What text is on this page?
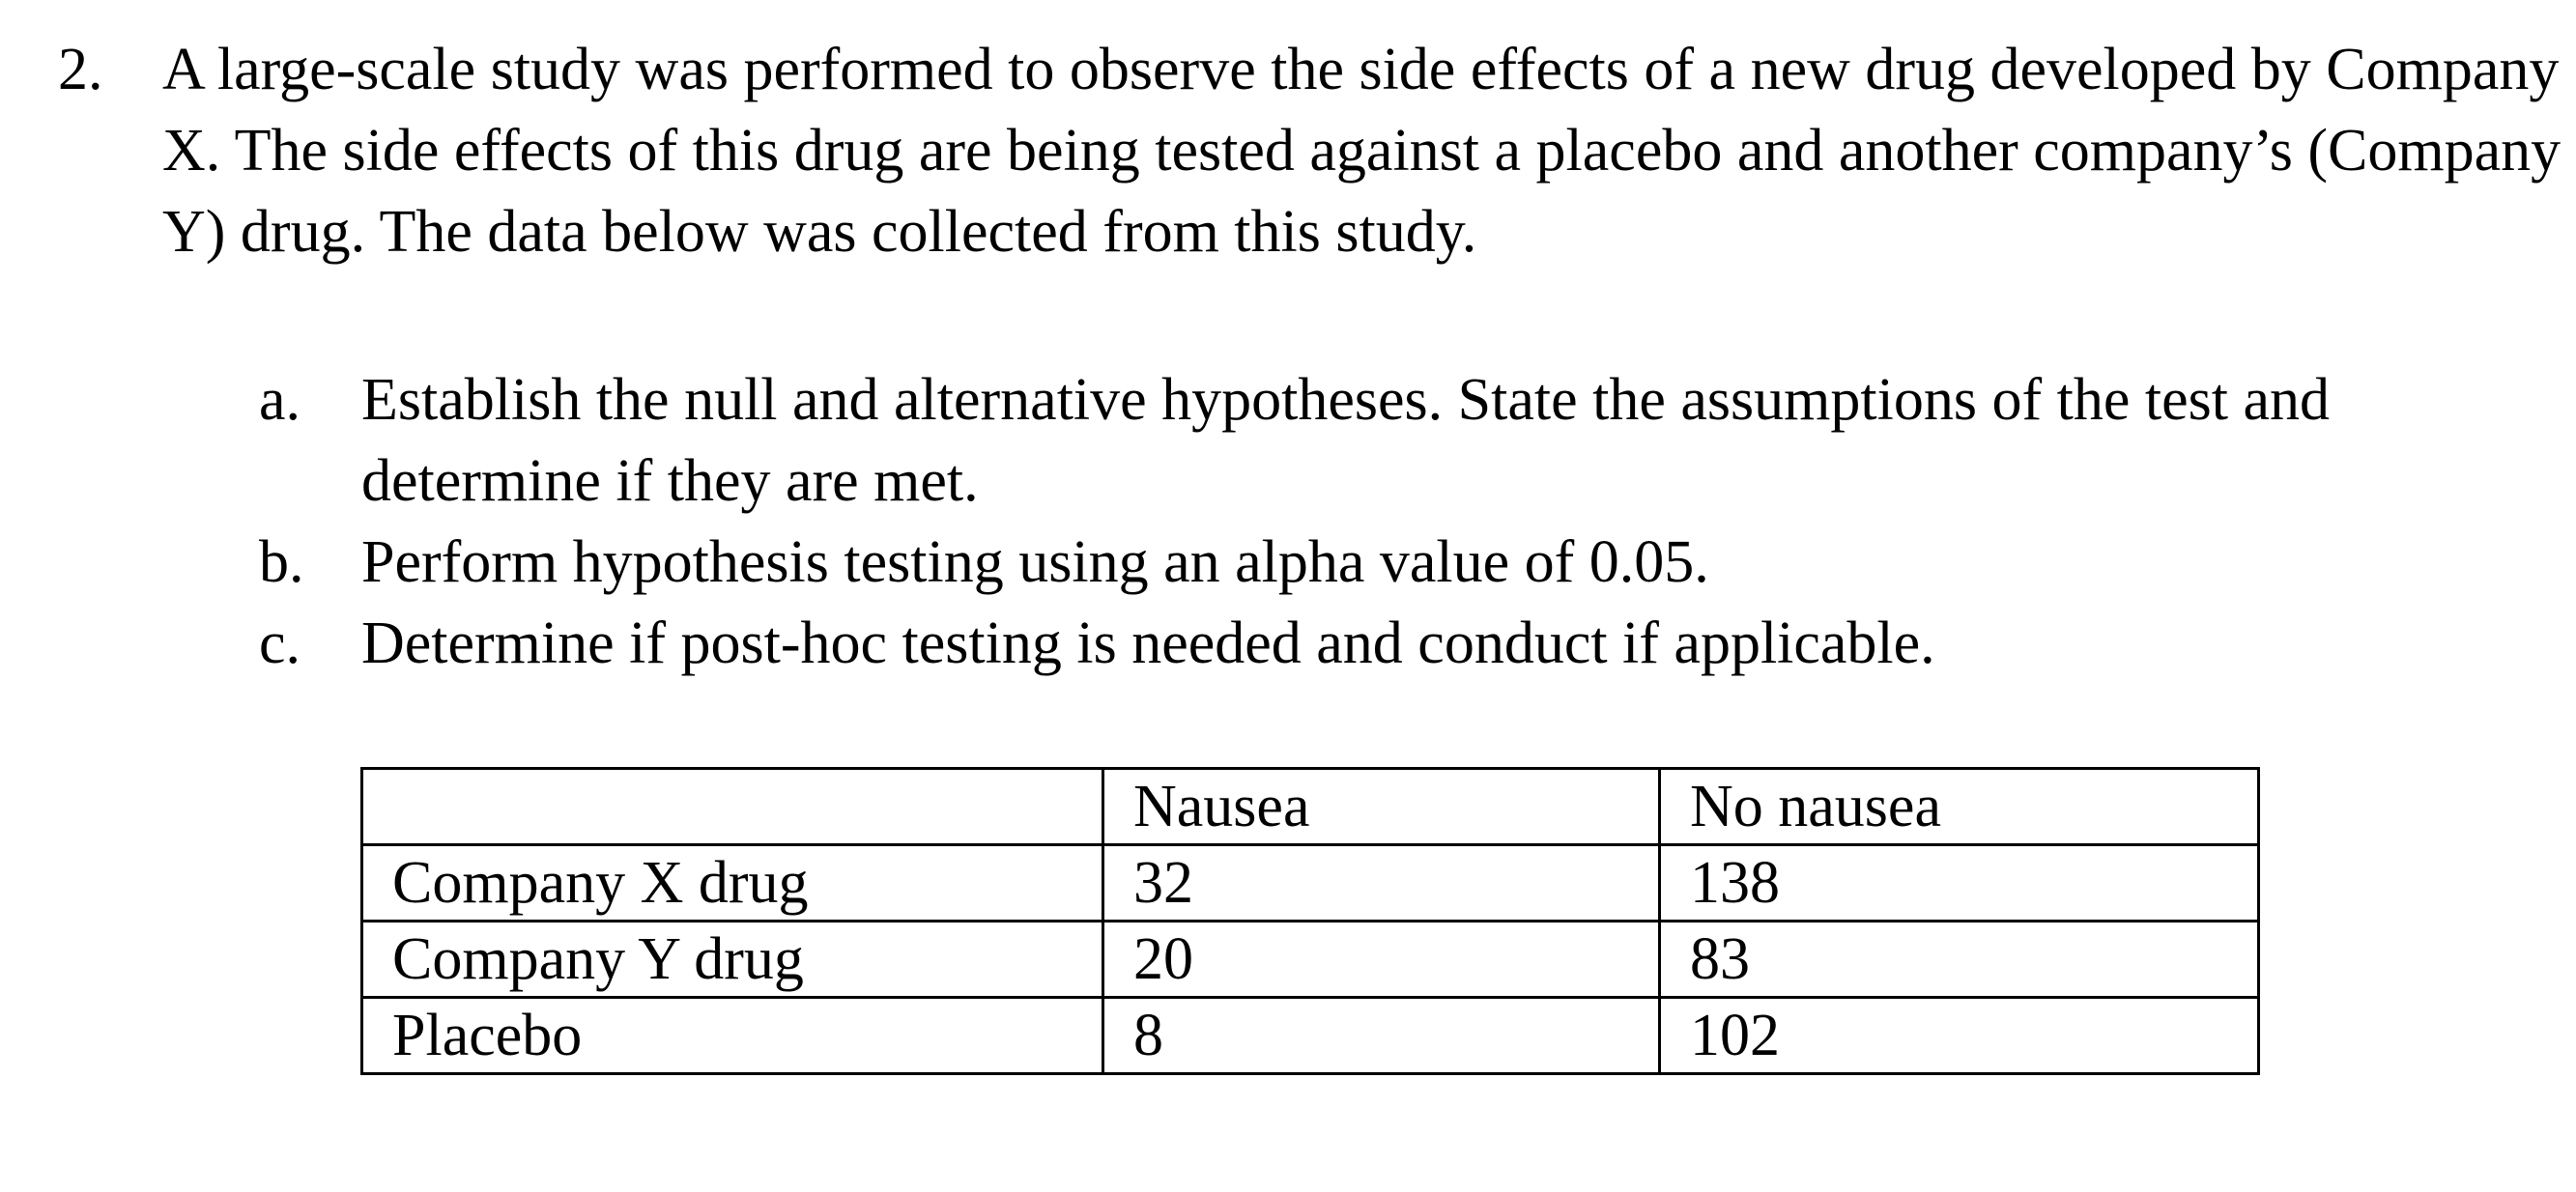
2. A large-scale study was performed to observe the side effects of a new drug developed by Company X. The side effects of this drug are being tested against a placebo and another company’s (Company Y) drug. The data below was collected from this study.
a. Establish the null and alternative hypotheses. State the assumptions of the test and determine if they are met.
b. Perform hypothesis testing using an alpha value of 0.05.
c. Determine if post-hoc testing is needed and conduct if applicable.
	Nausea	No nausea
Company X drug	32	138
Company Y drug	20	83
Placebo	8	102
